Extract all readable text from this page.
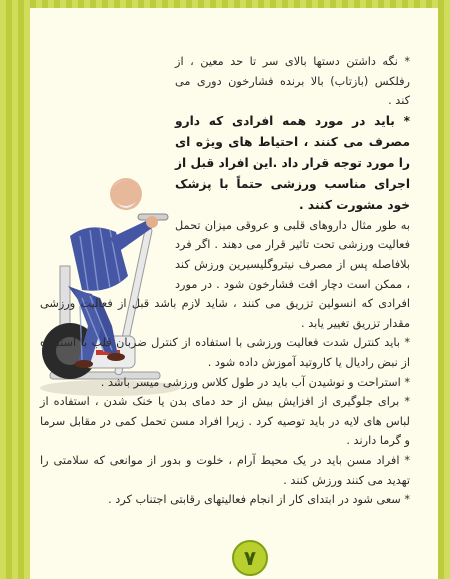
* نگه داشتن دستها بالای سر تا حد معین ، از رفلکس (بازتاب) بالا برنده فشارخون دوری می کند .

* باید در مورد همه افرادی که دارو مصرف می کنند ، احتیاط های ویژه ای را مورد توجه قرار داد .این افراد قبل از اجرای مناسب ورزشی حتماً با پزشک خود مشورت کنند .

به طور مثال داروهای قلبی و عروقی میزان تحمل فعالیت ورزشی تحت تاثیر قرار می دهند . اگر فرد بلافاصله پس از مصرف نیتروگلیسیرین ورزش کند ، ممکن است دچار افت فشارخون شود . در مورد افرادی که انسولین تزریق می کنند ، شاید لازم باشد قبل از فعالیت ورزشی مقدار تزریق تغییر یابد .

* باید کنترل شدت فعالیت ورزشی با استفاده از کنترل ضربان قلب با استفاده از نبض رادیال یا کاروتید آموزش داده شود .

* استراحت و نوشیدن آب باید در طول کلاس ورزشی میسر باشد .

* برای جلوگیری از افزایش بیش از حد دمای بدن یا خنک شدن ، استفاده از لباس های لایه در باید توصیه کرد . زیرا افراد مسن تحمل کمی در مقابل سرما و گرما دارند .

* افراد مسن باید در یک محیط آرام ، خلوت و بدور از موانعی که سلامتی را تهدید می کنند ورزش کنند .

* سعی شود در ابتدای کار از انجام فعالیتهای رقابتی اجتناب کرد .

۷
